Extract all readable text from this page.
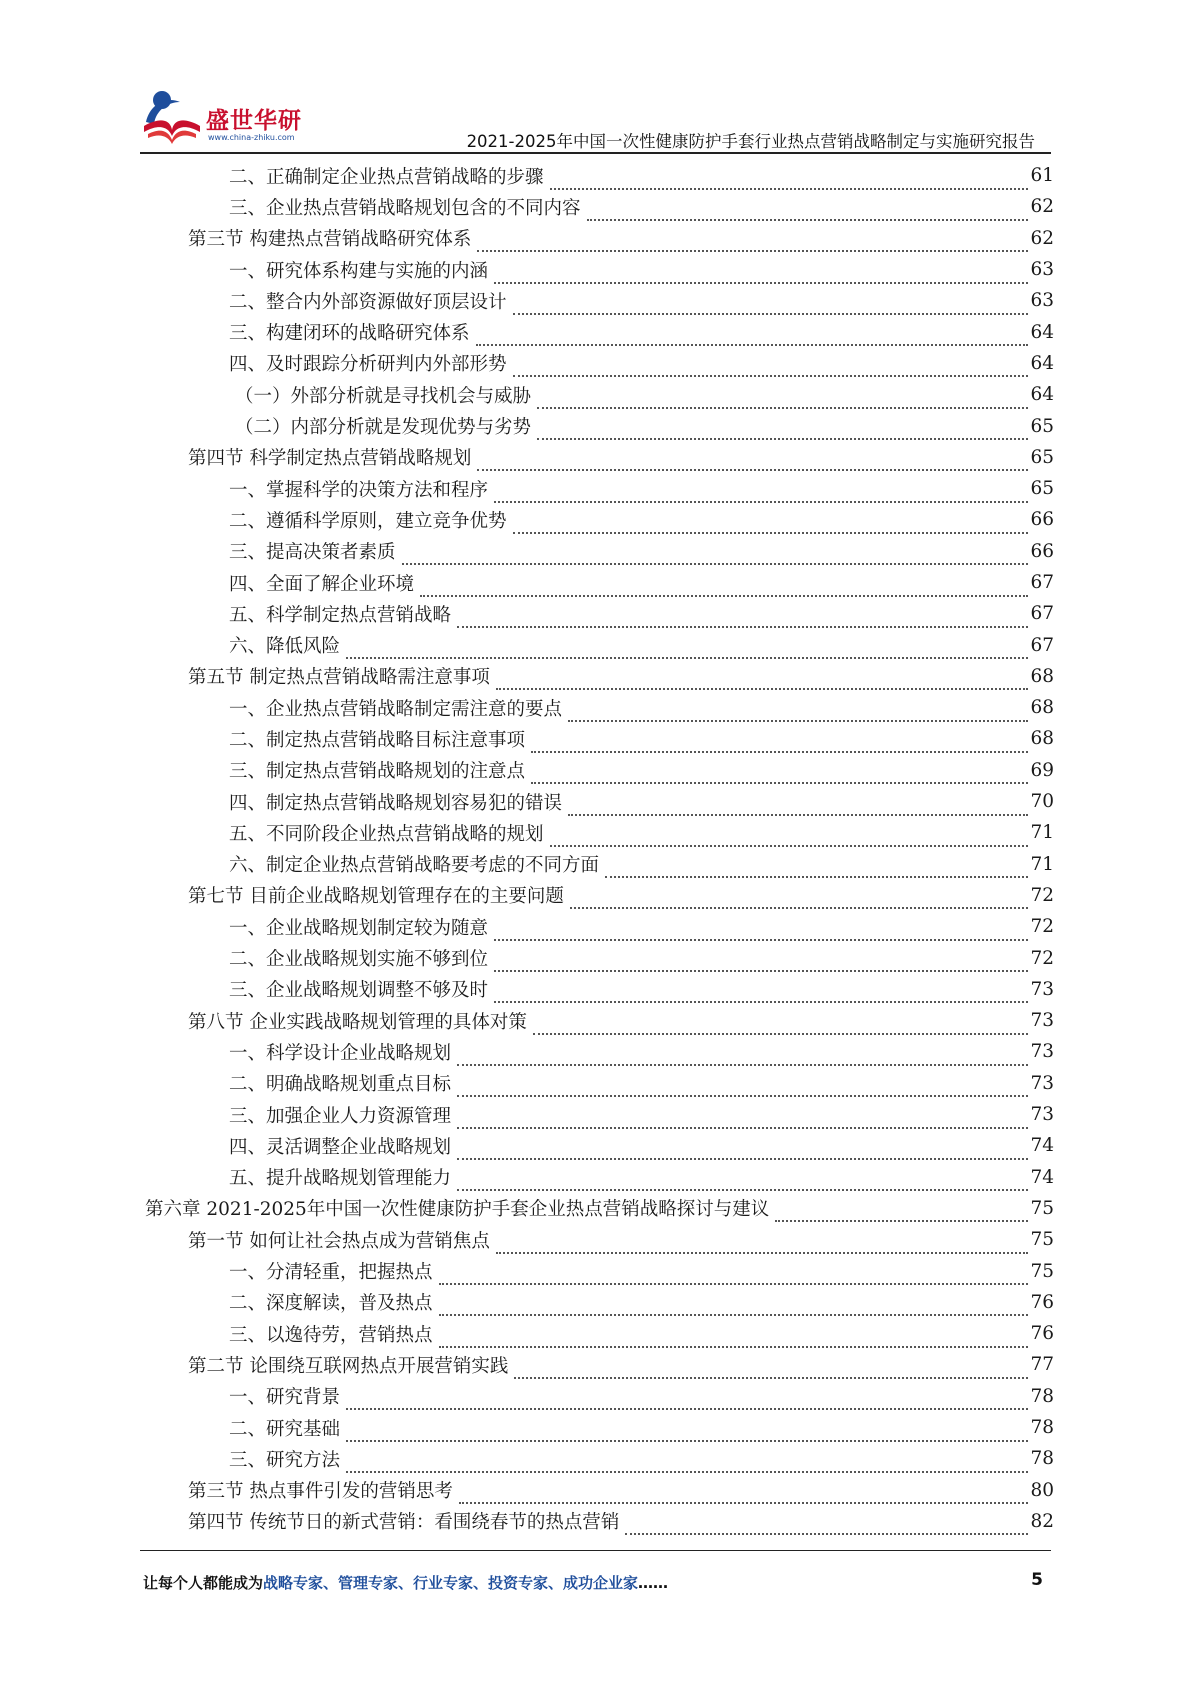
盛世华研
www.china-zhiku.com	2021-2025年中国一次性健康防护手套行业热点营销战略制定与实施研究报告
二、正确制定企业热点营销战略的步骤	61
三、企业热点营销战略规划包含的不同内容	62
第三节 构建热点营销战略研究体系	62
一、研究体系构建与实施的内涵	63
二、整合内外部资源做好顶层设计	63
三、构建闭环的战略研究体系	64
四、及时跟踪分析研判内外部形势	64
（一）外部分析就是寻找机会与威胁	64
（二）内部分析就是发现优势与劣势	65
第四节 科学制定热点营销战略规划	65
一、掌握科学的决策方法和程序	65
二、遵循科学原则，建立竞争优势	66
三、提高决策者素质	66
四、全面了解企业环境	67
五、科学制定热点营销战略	67
六、降低风险	67
第五节 制定热点营销战略需注意事项	68
一、企业热点营销战略制定需注意的要点	68
二、制定热点营销战略目标注意事项	68
三、制定热点营销战略规划的注意点	69
四、制定热点营销战略规划容易犯的错误	70
五、不同阶段企业热点营销战略的规划	71
六、制定企业热点营销战略要考虑的不同方面	71
第七节 目前企业战略规划管理存在的主要问题	72
一、企业战略规划制定较为随意	72
二、企业战略规划实施不够到位	72
三、企业战略规划调整不够及时	73
第八节 企业实践战略规划管理的具体对策	73
一、科学设计企业战略规划	73
二、明确战略规划重点目标	73
三、加强企业人力资源管理	73
四、灵活调整企业战略规划	74
五、提升战略规划管理能力	74
第六章 2021-2025年中国一次性健康防护手套企业热点营销战略探讨与建议	75
第一节 如何让社会热点成为营销焦点	75
一、分清轻重，把握热点	75
二、深度解读，普及热点	76
三、以逸待劳，营销热点	76
第二节 论围绕互联网热点开展营销实践	77
一、研究背景	78
二、研究基础	78
三、研究方法	78
第三节 热点事件引发的营销思考	80
第四节 传统节日的新式营销：看围绕春节的热点营销	82
让每个人都能成为战略专家、管理专家、行业专家、投资专家、成功企业家……	5
